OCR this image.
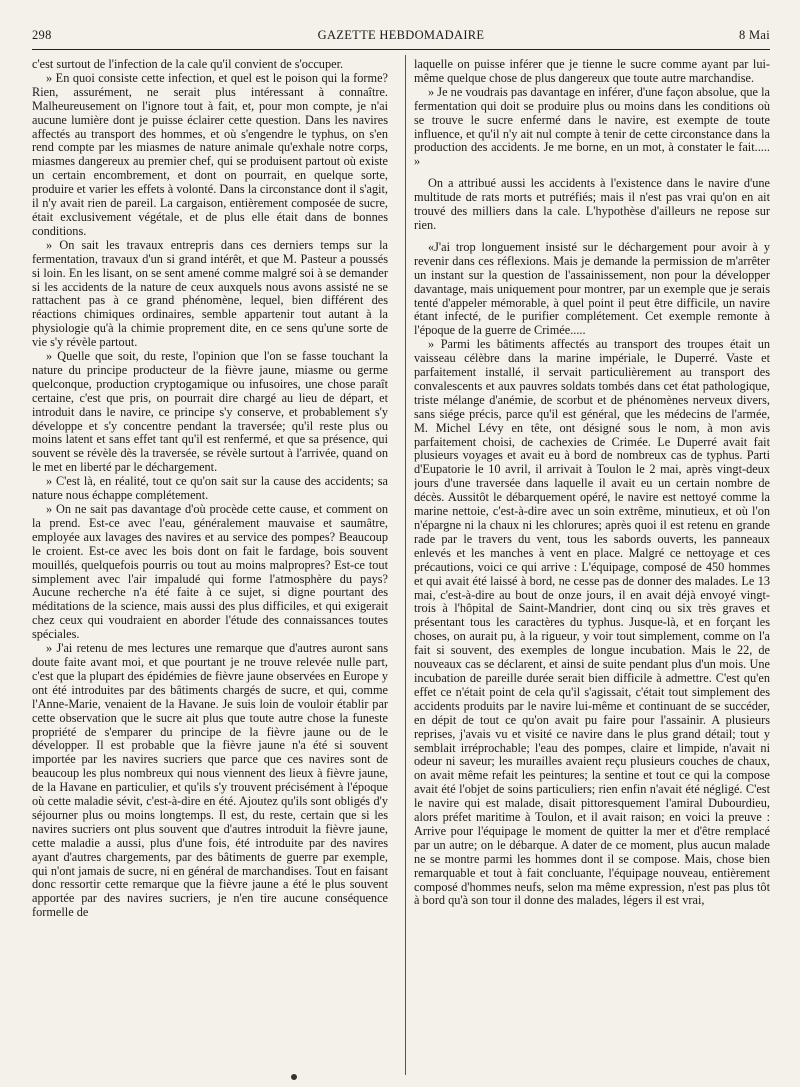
298	GAZETTE HEBDOMADAIRE	8 Mai

c'est surtout de l'infection de la cale qu'il convient de s'occuper.

» En quoi consiste cette infection, et quel est le poison qui la forme? Rien, assurément, ne serait plus intéressant à connaître. Malheureusement on l'ignore tout à fait, et, pour mon compte, je n'ai aucune lumière dont je puisse éclairer cette question. Dans les navires affectés au transport des hommes, et où s'engendre le typhus, on s'en rend compte par les miasmes de nature animale qu'exhale notre corps, miasmes dangereux au premier chef, qui se produisent partout où existe un certain encombrement, et dont on pourrait, en quelque sorte, produire et varier les effets à volonté. Dans la circonstance dont il s'agit, il n'y avait rien de pareil. La cargaison, entièrement composée de sucre, était exclusivement végétale, et de plus elle était dans de bonnes conditions.

» On sait les travaux entrepris dans ces derniers temps sur la fermentation, travaux d'un si grand intérêt, et que M. Pasteur a poussés si loin. En les lisant, on se sent amené comme malgré soi à se demander si les accidents de la nature de ceux auxquels nous avons assisté ne se rattachent pas à ce grand phénomène, lequel, bien différent des réactions chimiques ordinaires, semble appartenir tout autant à la physiologie qu'à la chimie proprement dite, en ce sens qu'une sorte de vie s'y révèle partout.

» Quelle que soit, du reste, l'opinion que l'on se fasse touchant la nature du principe producteur de la fièvre jaune, miasme ou germe quelconque, production cryptogamique ou infusoires, une chose paraît certaine, c'est que pris, on pourrait dire chargé au lieu de départ, et introduit dans le navire, ce principe s'y conserve, et probablement s'y développe et s'y concentre pendant la traversée; qu'il reste plus ou moins latent et sans effet tant qu'il est renfermé, et que sa présence, qui souvent se révèle dès la traversée, se révèle surtout à l'arrivée, quand on le met en liberté par le déchargement.

» C'est là, en réalité, tout ce qu'on sait sur la cause des accidents; sa nature nous échappe complétement.

» On ne sait pas davantage d'où procède cette cause, et comment on la prend. Est-ce avec l'eau, généralement mauvaise et saumâtre, employée aux lavages des navires et au service des pompes? Beaucoup le croient. Est-ce avec les bois dont on fait le fardage, bois souvent mouillés, quelquefois pourris ou tout au moins malpropres? Est-ce tout simplement avec l'air impaludé qui forme l'atmosphère du pays? Aucune recherche n'a été faite à ce sujet, si digne pourtant des méditations de la science, mais aussi des plus difficiles, et qui exigerait chez ceux qui voudraient en aborder l'étude des connaissances toutes spéciales.

» J'ai retenu de mes lectures une remarque que d'autres auront sans doute faite avant moi, et que pourtant je ne trouve relevée nulle part, c'est que la plupart des épidémies de fièvre jaune observées en Europe y ont été introduites par des bâtiments chargés de sucre, et qui, comme l'Anne-Marie, venaient de la Havane. Je suis loin de vouloir établir par cette observation que le sucre ait plus que toute autre chose la funeste propriété de s'emparer du principe de la fièvre jaune ou de le développer. Il est probable que la fièvre jaune n'a été si souvent importée par les navires sucriers que parce que ces navires sont de beaucoup les plus nombreux qui nous viennent des lieux à fièvre jaune, de la Havane en particulier, et qu'ils s'y trouvent précisément à l'époque où cette maladie sévit, c'est-à-dire en été. Ajoutez qu'ils sont obligés d'y séjourner plus ou moins longtemps. Il est, du reste, certain que si les navires sucriers ont plus souvent que d'autres introduit la fièvre jaune, cette maladie a aussi, plus d'une fois, été introduite par des navires ayant d'autres chargements, par des bâtiments de guerre par exemple, qui n'ont jamais de sucre, ni en général de marchandises. Tout en faisant donc ressortir cette remarque que la fièvre jaune a été le plus souvent apportée par des navires sucriers, je n'en tire aucune conséquence formelle de

laquelle on puisse inférer que je tienne le sucre comme ayant par lui-même quelque chose de plus dangereux que toute autre marchandise.

» Je ne voudrais pas davantage en inférer, d'une façon absolue, que la fermentation qui doit se produire plus ou moins dans les conditions où se trouve le sucre enfermé dans le navire, est exempte de toute influence, et qu'il n'y ait nul compte à tenir de cette circonstance dans la production des accidents. Je me borne, en un mot, à constater le fait..... »

On a attribué aussi les accidents à l'existence dans le navire d'une multitude de rats morts et putréfiés; mais il n'est pas vrai qu'on en ait trouvé des milliers dans la cale. L'hypothèse d'ailleurs ne repose sur rien.

«J'ai trop longuement insisté sur le déchargement pour avoir à y revenir dans ces réflexions. Mais je demande la permission de m'arrêter un instant sur la question de l'assainissement, non pour la développer davantage, mais uniquement pour montrer, par un exemple que je serais tenté d'appeler mémorable, à quel point il peut être difficile, un navire étant infecté, de le purifier complétement. Cet exemple remonte à l'époque de la guerre de Crimée.....

» Parmi les bâtiments affectés au transport des troupes était un vaisseau célèbre dans la marine impériale, le Duperré. Vaste et parfaitement installé, il servait particulièrement au transport des convalescents et aux pauvres soldats tombés dans cet état pathologique, triste mélange d'anémie, de scorbut et de phénomènes nerveux divers, sans siége précis, parce qu'il est général, que les médecins de l'armée, M. Michel Lévy en tête, ont désigné sous le nom, à mon avis parfaitement choisi, de cachexies de Crimée. Le Duperré avait fait plusieurs voyages et avait eu à bord de nombreux cas de typhus. Parti d'Eupatorie le 10 avril, il arrivait à Toulon le 2 mai, après vingt-deux jours d'une traversée dans laquelle il avait eu un certain nombre de décès. Aussitôt le débarquement opéré, le navire est nettoyé comme la marine nettoie, c'est-à-dire avec un soin extrême, minutieux, et où l'on n'épargne ni la chaux ni les chlorures; après quoi il est retenu en grande rade par le travers du vent, tous les sabords ouverts, les panneaux enlevés et les manches à vent en place. Malgré ce nettoyage et ces précautions, voici ce qui arrive : L'équipage, composé de 450 hommes et qui avait été laissé à bord, ne cesse pas de donner des malades. Le 13 mai, c'est-à-dire au bout de onze jours, il en avait déjà envoyé vingt-trois à l'hôpital de Saint-Mandrier, dont cinq ou six très graves et présentant tous les caractères du typhus. Jusque-là, et en forçant les choses, on aurait pu, à la rigueur, y voir tout simplement, comme on l'a fait si souvent, des exemples de longue incubation. Mais le 22, de nouveaux cas se déclarent, et ainsi de suite pendant plus d'un mois. Une incubation de pareille durée serait bien difficile à admettre. C'est qu'en effet ce n'était point de cela qu'il s'agissait, c'était tout simplement des accidents produits par le navire lui-même et continuant de se succéder, en dépit de tout ce qu'on avait pu faire pour l'assainir. A plusieurs reprises, j'avais vu et visité ce navire dans le plus grand détail; tout y semblait irréprochable; l'eau des pompes, claire et limpide, n'avait ni odeur ni saveur; les murailles avaient reçu plusieurs couches de chaux, on avait même refait les peintures; la sentine et tout ce qui la compose avait été l'objet de soins particuliers; rien enfin n'avait été négligé. C'est le navire qui est malade, disait pittoresquement l'amiral Dubourdieu, alors préfet maritime à Toulon, et il avait raison; en voici la preuve : Arrive pour l'équipage le moment de quitter la mer et d'être remplacé par un autre; on le débarque. A dater de ce moment, plus aucun malade ne se montre parmi les hommes dont il se compose. Mais, chose bien remarquable et tout à fait concluante, l'équipage nouveau, entièrement composé d'hommes neufs, selon ma même expression, n'est pas plus tôt à bord qu'à son tour il donne des malades, légers il est vrai,
